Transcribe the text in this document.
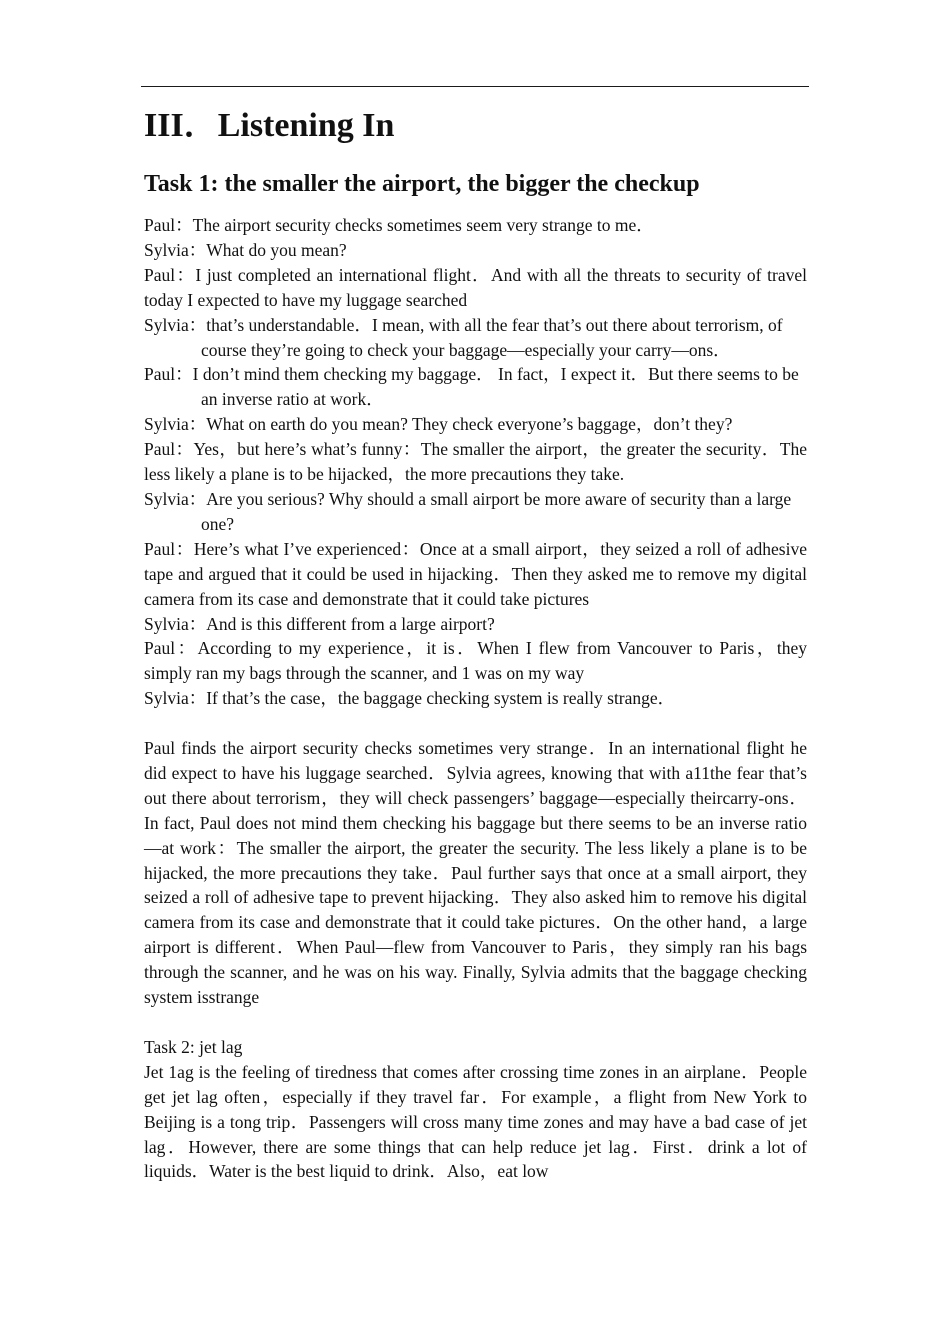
III．Listening In
Task 1: the smaller the airport, the bigger the checkup

Paul：The airport security checks sometimes seem very strange to me．

Sylvia：What do you mean?

Paul：I just completed an international flight．And with all the threats to security of travel today I expected to have my luggage searched

Sylvia：that’s understandable．I mean, with all the fear that’s out there about terrorism, of course they’re going to check your baggage—especially your carry—ons．

Paul：I don’t mind them checking my baggage． In fact，I expect it．But there seems to be an inverse ratio at work．

Sylvia：What on earth do you mean? They check everyone’s baggage，don’t they?

Paul：Yes，but here’s what’s funny：The smaller the airport，the greater the security．The less likely a plane is to be hijacked，the more precautions they take.

Sylvia：Are you serious? Why should a small airport be more aware of security than a large one?

Paul：Here’s what I’ve experienced：Once at a small airport，they seized a roll of adhesive tape and argued that it could be used in hijacking．Then they asked me to remove my digital camera from its case and demonstrate that it could take pictures

Sylvia：And is this different from a large airport?

Paul：According to my experience，it is．When I flew from Vancouver to Paris，they simply ran my bags through the scanner, and 1 was on my way

Sylvia：If that’s the case，the baggage checking system is really strange．

Paul finds the airport security checks sometimes very strange．In an international flight he did expect to have his luggage searched．Sylvia agrees, knowing that with a11the fear that’s out there about terrorism，they will check passengers’ baggage—especially theircarry-ons．In fact, Paul does not mind them checking his baggage but there seems to be an inverse ratio—at work：The smaller the airport, the greater the security. The less likely a plane is to be hijacked, the more precautions they take．Paul further says that once at a small airport, they seized a roll of adhesive tape to prevent hijacking．They also asked him to remove his digital camera from its case and demonstrate that it could take pictures．On the other hand，a large airport is different．When Paul—flew from Vancouver to Paris，they simply ran his bags through the scanner, and he was on his way. Finally, Sylvia admits that the baggage checking system isstrange

Task 2: jet lag

Jet 1ag is the feeling of tiredness that comes after crossing time zones in an airplane．People get jet lag often，especially if they travel far．For example，a flight from New York to Beijing is a tong trip．Passengers will cross many time zones and may have a bad case of jet lag．However, there are some things that can help reduce jet lag．First．drink a lot of liquids．Water is the best liquid to drink．Also，eat low
